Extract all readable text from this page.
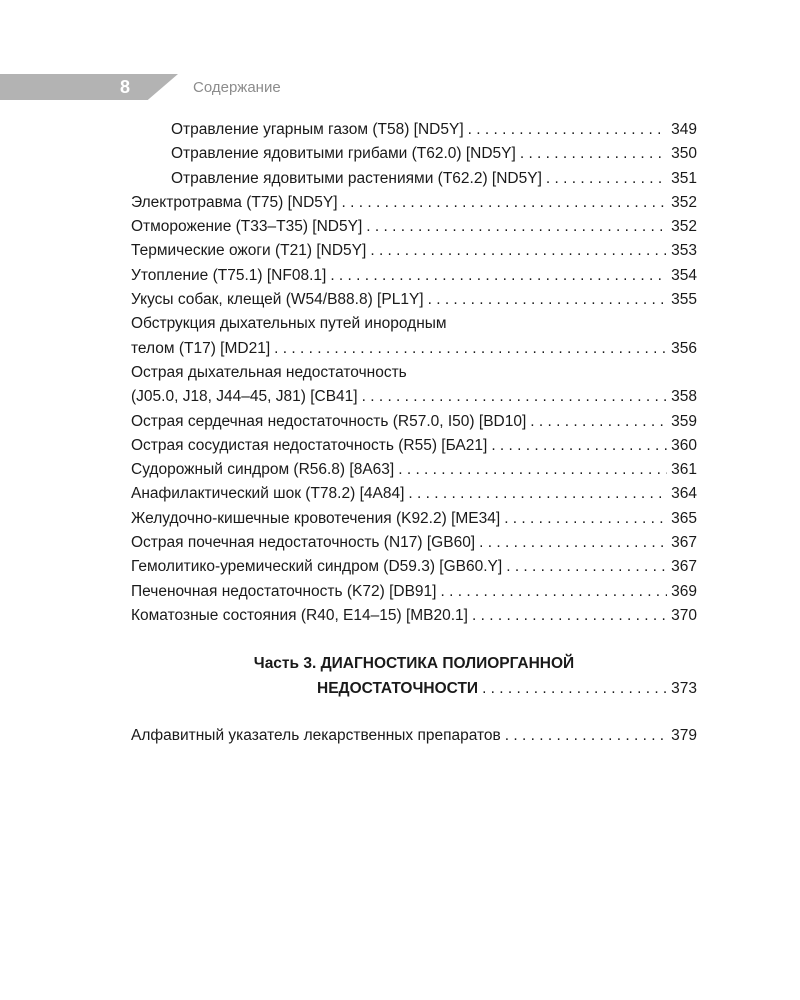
8	Содержание
Отравление угарным газом (T58) [ND5Y] . . .	349
Отравление ядовитыми грибами (T62.0) [ND5Y] . . .	350
Отравление ядовитыми растениями (T62.2) [ND5Y] . . .	351
Электротравма (T75) [ND5Y] . . .	352
Отморожение (T33–T35) [ND5Y] . . .	352
Термические ожоги (T21) [ND5Y] . . .	353
Утопление (T75.1) [NF08.1] . . .	354
Укусы собак, клещей (W54/B88.8) [PL1Y] . . .	355
Обструкция дыхательных путей инородным
телом (T17) [MD21] . . .	356
Острая дыхательная недостаточность
(J05.0, J18, J44–45, J81) [CB41] . . .	358
Острая сердечная недостаточность (R57.0, I50) [BD10] . . .	359
Острая сосудистая недостаточность (R55) [БА21] . . .	360
Судорожный синдром (R56.8) [8A63] . . .	361
Анафилактический шок (T78.2) [4A84] . . .	364
Желудочно-кишечные кровотечения (K92.2) [ME34] . . .	365
Острая почечная недостаточность (N17) [GB60] . . .	367
Гемолитико-уремический синдром (D59.3) [GB60.Y] . . .	367
Печеночная недостаточность (K72) [DB91] . . .	369
Коматозные состояния (R40, E14–15) [MB20.1] . . .	370
Часть 3. ДИАГНОСТИКА ПОЛИОРГАННОЙ
НЕДОСТАТОЧНОСТИ . . .	373
Алфавитный указатель лекарственных препаратов . . .	379
